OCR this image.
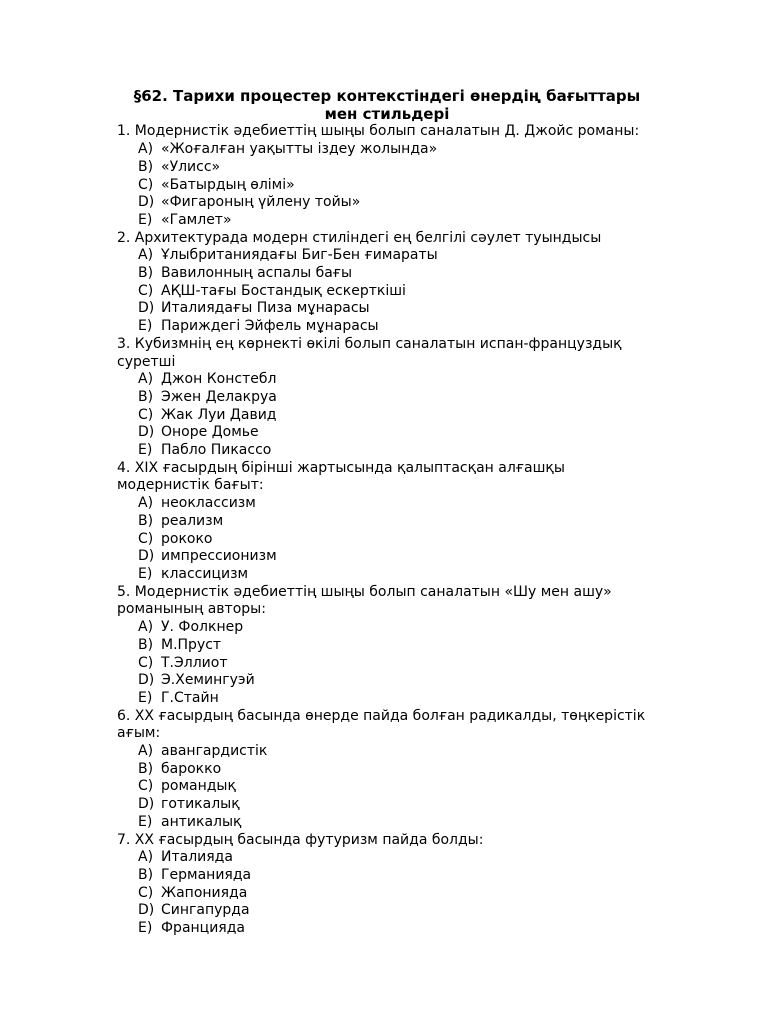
§62. Тарихи процестер контекстіндегі өнердің бағыттары мен стильдері

1. Модернистік әдебиеттің шыңы болып саналатын Д. Джойс романы:

A) «Жоғалған уақытты іздеу жолында»
B) «Улисс»
C) «Батырдың өлімі»
D) «Фигароның үйлену тойы»
E) «Гамлет»

2. Архитектурада модерн стиліндегі ең белгілі сәулет туындысы

A) Ұлыбританиядағы Биг-Бен ғимараты
B) Вавилонның аспалы бағы
C) АҚШ-тағы Бостандық ескерткіші
D) Италиядағы Пиза мұнарасы
E) Париждегі Эйфель мұнарасы

3. Кубизмнің ең көрнекті өкілі болып саналатын испан-француздық суретші

A) Джон Констебл
B) Эжен Делакруа
C) Жак Луи Давид
D) Оноре Домье
E) Пабло Пикассо

4. XIX ғасырдың бірінші жартысында қалыптасқан алғашқы модернистік бағыт:

A) неоклассизм
B) реализм
C) рококо
D) импрессионизм
E) классицизм

5. Модернистік әдебиеттің шыңы болып саналатын «Шу мен ашу» романының авторы:

A) У. Фолкнер
B) М.Пруст
C) Т.Эллиот
D) Э.Хемингуэй
E) Г.Стайн

6. XX ғасырдың басында өнерде пайда болған радикалды, төңкерістік ағым:

A) авангардистік
B) барокко
C) романдық
D) готикалық
E) антикалық

7. XX ғасырдың басында футуризм пайда болды:

A) Италияда
B) Германияда
C) Жапонияда
D) Сингапурда
E) Францияда
